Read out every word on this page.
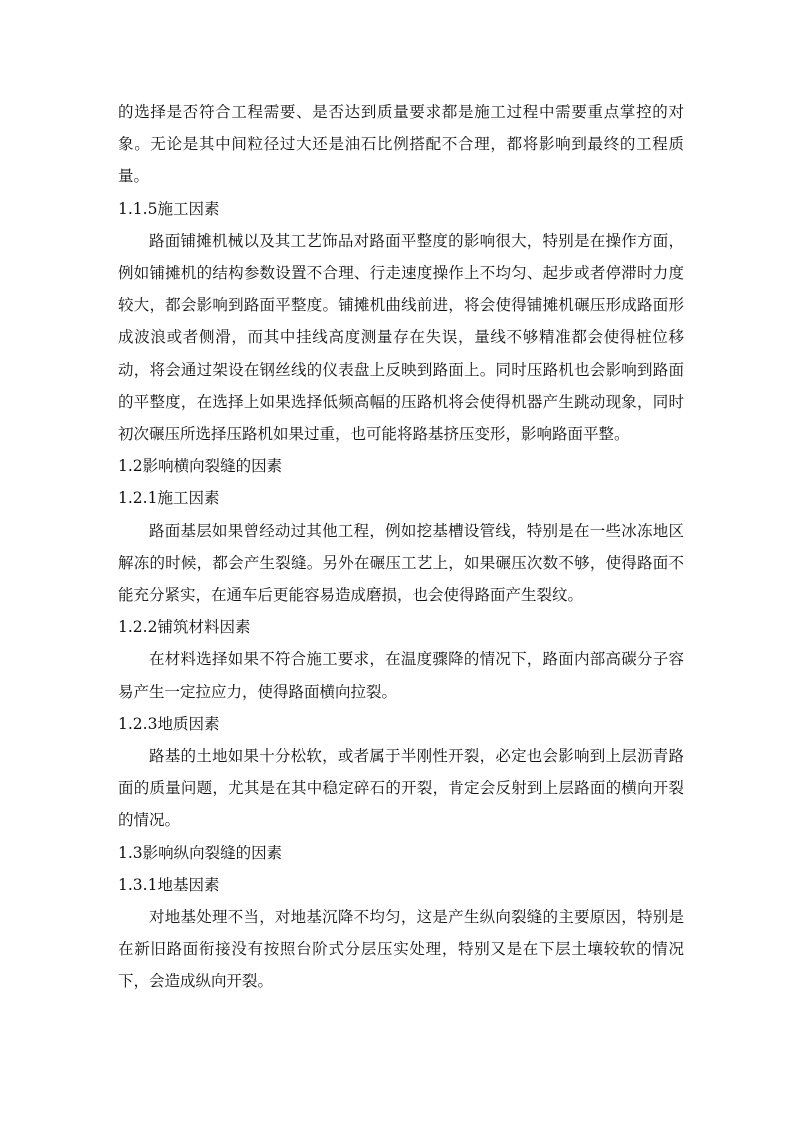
的选择是否符合工程需要、是否达到质量要求都是施工过程中需要重点掌控的对象。无论是其中间粒径过大还是油石比例搭配不合理，都将影响到最终的工程质量。

1.1.5施工因素

路面铺摊机械以及其工艺饰品对路面平整度的影响很大，特别是在操作方面，例如铺摊机的结构参数设置不合理、行走速度操作上不均匀、起步或者停滞时力度较大，都会影响到路面平整度。铺摊机曲线前进，将会使得铺摊机碾压形成路面形成波浪或者侧滑，而其中挂线高度测量存在失误，量线不够精准都会使得桩位移动，将会通过架设在钢丝线的仪表盘上反映到路面上。同时压路机也会影响到路面的平整度，在选择上如果选择低频高幅的压路机将会使得机器产生跳动现象，同时初次碾压所选择压路机如果过重，也可能将路基挤压变形，影响路面平整。

1.2影响横向裂缝的因素

1.2.1施工因素

路面基层如果曾经动过其他工程，例如挖基槽设管线，特别是在一些冰冻地区解冻的时候，都会产生裂缝。另外在碾压工艺上，如果碾压次数不够，使得路面不能充分紧实，在通车后更能容易造成磨损，也会使得路面产生裂纹。

1.2.2铺筑材料因素

在材料选择如果不符合施工要求，在温度骤降的情况下，路面内部高碳分子容易产生一定拉应力，使得路面横向拉裂。

1.2.3地质因素

路基的土地如果十分松软，或者属于半刚性开裂，必定也会影响到上层沥青路面的质量问题，尤其是在其中稳定碎石的开裂，肯定会反射到上层路面的横向开裂的情况。

1.3影响纵向裂缝的因素

1.3.1地基因素

对地基处理不当，对地基沉降不均匀，这是产生纵向裂缝的主要原因，特别是在新旧路面衔接没有按照台阶式分层压实处理，特别又是在下层土壤较软的情况下，会造成纵向开裂。
